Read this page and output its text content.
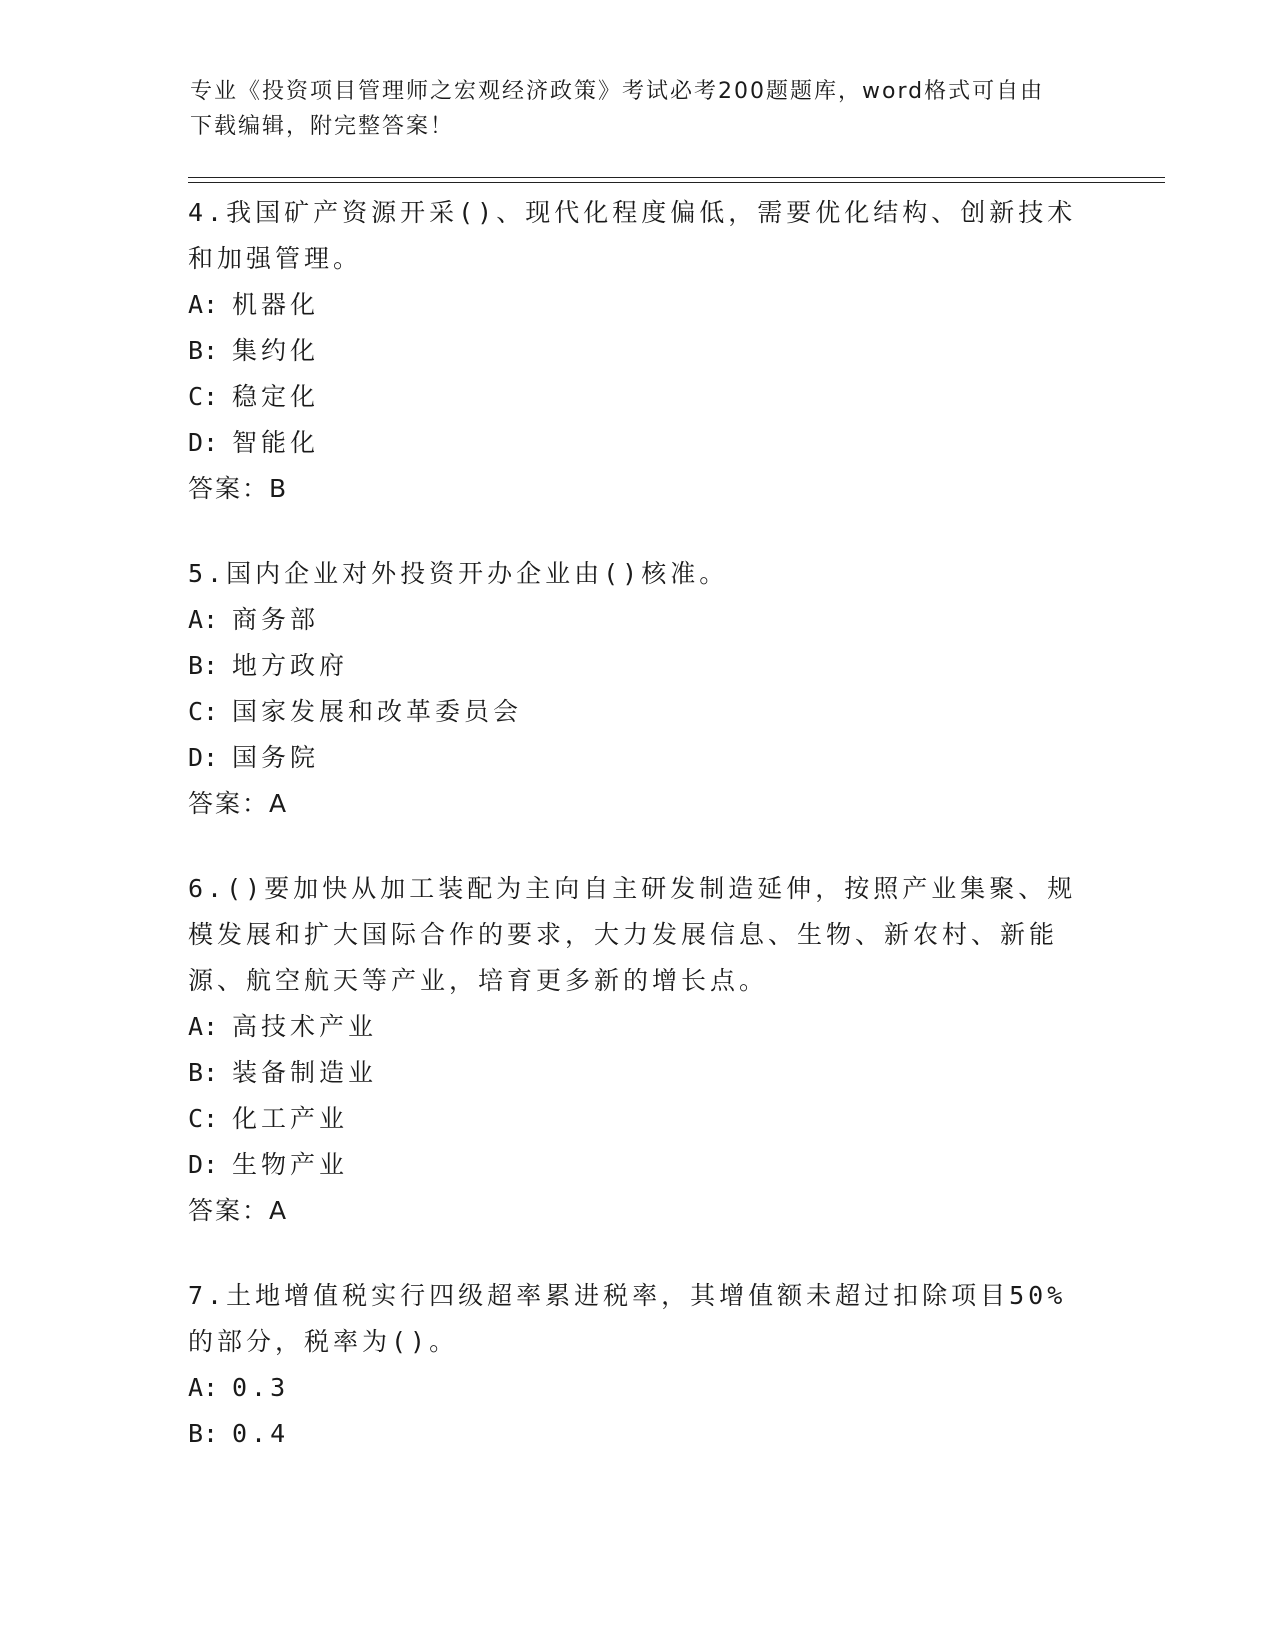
专业《投资项目管理师之宏观经济政策》考试必考200题题库，word格式可自由
下载编辑，附完整答案！

4.我国矿产资源开采()、现代化程度偏低，需要优化结构、创新技术和加强管理。

A: 机器化

B: 集约化

C: 稳定化

D: 智能化

答案：B

5.国内企业对外投资开办企业由()核准。

A: 商务部

B: 地方政府

C: 国家发展和改革委员会

D: 国务院

答案：A

6.()要加快从加工装配为主向自主研发制造延伸，按照产业集聚、规模发展和扩大国际合作的要求，大力发展信息、生物、新农村、新能源、航空航天等产业，培育更多新的增长点。

A: 高技术产业

B: 装备制造业

C: 化工产业

D: 生物产业

答案：A

7.土地增值税实行四级超率累进税率，其增值额未超过扣除项目50%的部分，税率为()。

A: 0.3

B: 0.4
